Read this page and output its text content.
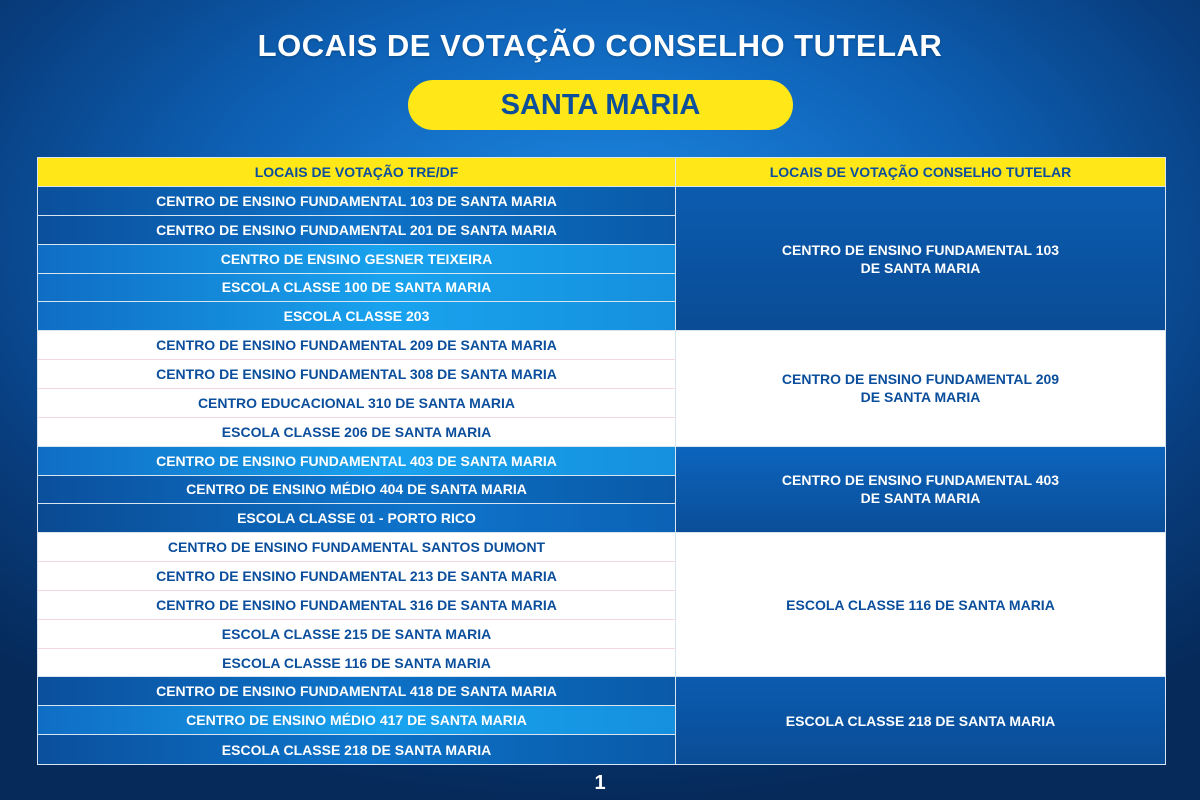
LOCAIS DE VOTAÇÃO CONSELHO TUTELAR
SANTA MARIA
LOCAIS DE VOTAÇÃO TRE/DF	LOCAIS DE VOTAÇÃO CONSELHO TUTELAR
CENTRO DE ENSINO FUNDAMENTAL 103 DE SANTA MARIA
CENTRO DE ENSINO FUNDAMENTAL 201 DE SANTA MARIA
CENTRO DE ENSINO GESNER TEIXEIRA
ESCOLA CLASSE 100 DE SANTA MARIA
ESCOLA CLASSE 203
CENTRO DE ENSINO FUNDAMENTAL 103
DE SANTA MARIA
CENTRO DE ENSINO FUNDAMENTAL 209 DE SANTA MARIA
CENTRO DE ENSINO FUNDAMENTAL 308 DE SANTA MARIA
CENTRO EDUCACIONAL 310 DE SANTA MARIA
ESCOLA CLASSE 206 DE SANTA MARIA
CENTRO DE ENSINO FUNDAMENTAL 209
DE SANTA MARIA
CENTRO DE ENSINO FUNDAMENTAL 403 DE SANTA MARIA
CENTRO DE ENSINO MÉDIO 404 DE SANTA MARIA
ESCOLA CLASSE 01 - PORTO RICO
CENTRO DE ENSINO FUNDAMENTAL 403
DE SANTA MARIA
CENTRO DE ENSINO FUNDAMENTAL SANTOS DUMONT
CENTRO DE ENSINO FUNDAMENTAL 213 DE SANTA MARIA
CENTRO DE ENSINO FUNDAMENTAL 316 DE SANTA MARIA
ESCOLA CLASSE 215 DE SANTA MARIA
ESCOLA CLASSE 116 DE SANTA MARIA
ESCOLA CLASSE 116 DE SANTA MARIA
CENTRO DE ENSINO FUNDAMENTAL 418 DE SANTA MARIA
CENTRO DE ENSINO MÉDIO 417 DE SANTA MARIA
ESCOLA CLASSE 218 DE SANTA MARIA
ESCOLA CLASSE 218 DE SANTA MARIA
1
